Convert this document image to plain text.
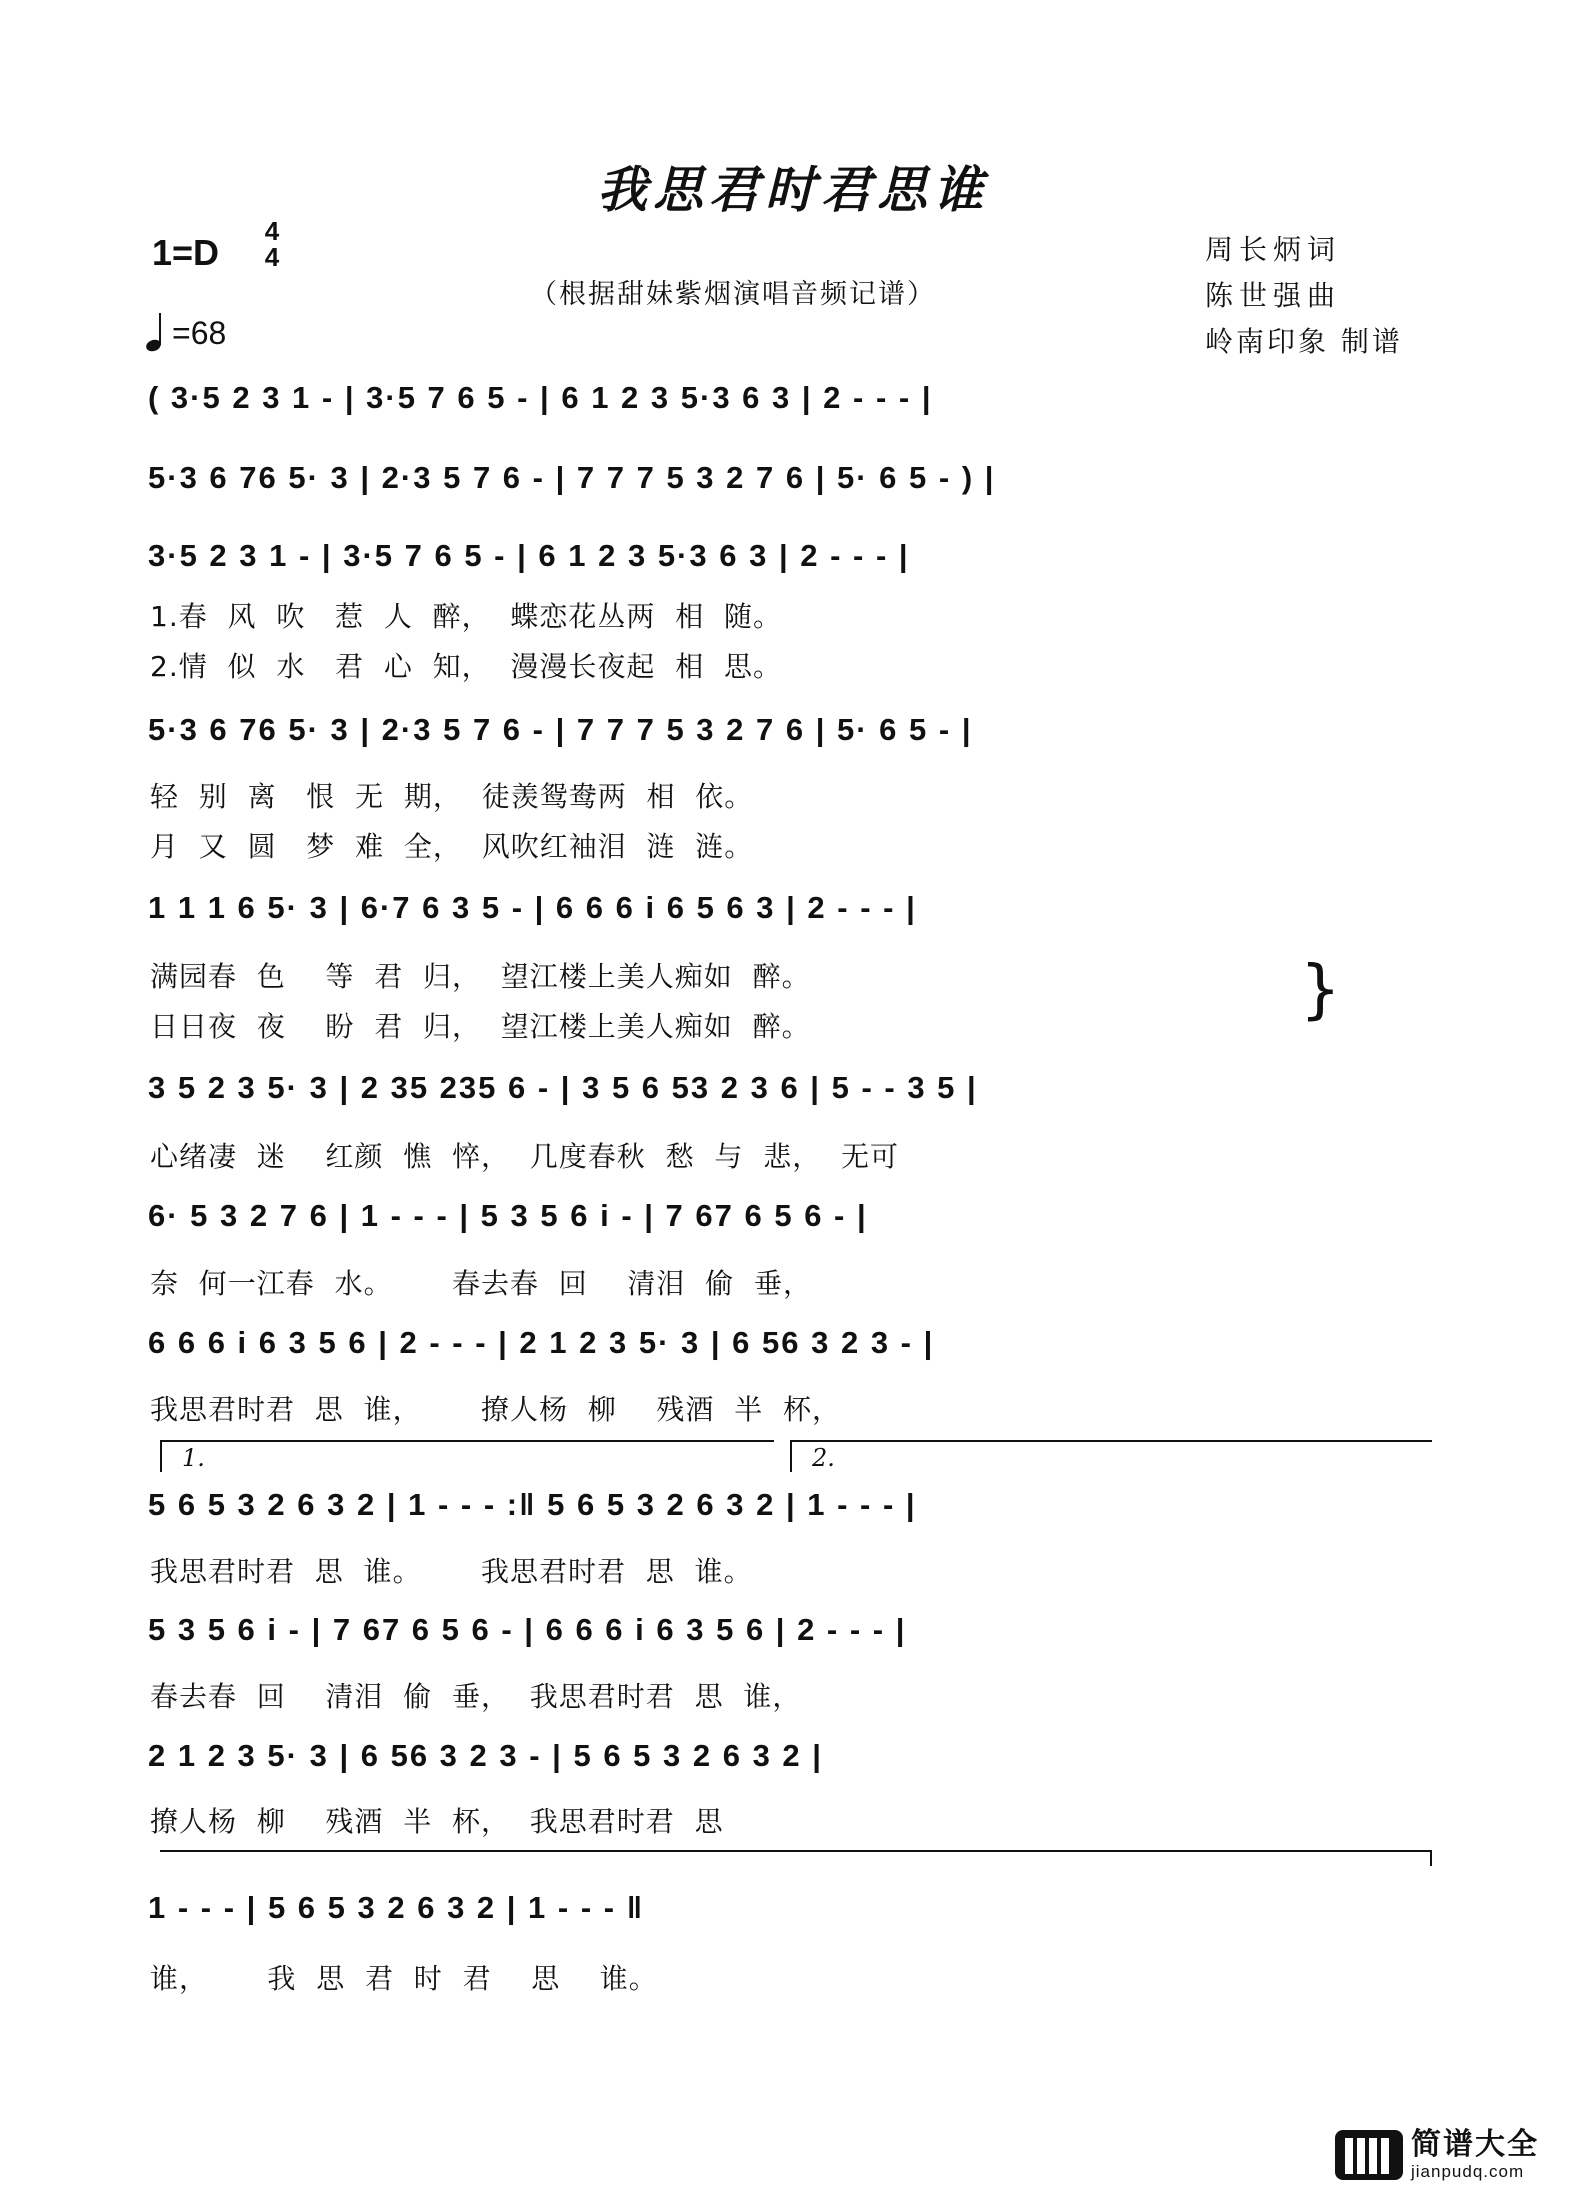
我思君时君思谁
1=D
4
4
=68
（根据甜妹紫烟演唱音频记谱）
周长炳词
陈世强曲
岭南印象 制谱
( 3·5 2 3 1 - | 3·5 7 6 5 - | 6 1 2 3 5·3 6 3 | 2 - - - |
5·3 6 76 5· 3 | 2·3 5 7 6 - | 7 7 7 5 3 2 7 6 | 5· 6 5 - ) |
3·5 2 3 1 - | 3·5 7 6 5 - | 6 1 2 3 5·3 6 3 | 2 - - - |
1.春  风  吹   惹  人  醉，  蝶恋花丛两  相  随。
2.情  似  水   君  心  知，  漫漫长夜起  相  思。
5·3 6 76 5· 3 | 2·3 5 7 6 - | 7 7 7 5 3 2 7 6 | 5· 6 5 - |
轻  别  离   恨  无  期，  徒羡鸳鸯两  相  依。
月  又  圆   梦  难  全，  风吹红袖泪  涟  涟。
1 1 1 6 5· 3 | 6·7 6 3 5 - | 6 6 6 i 6 5 6 3 | 2 - - - |
满园春  色    等  君  归，  望江楼上美人痴如  醉。
日日夜  夜    盼  君  归，  望江楼上美人痴如  醉。	}
3 5 2 3 5· 3 | 2 35 235 6 - | 3 5 6 53 2 3 6 | 5 - - 3 5 |
心绪凄  迷    红颜  憔  悴，  几度春秋  愁  与  悲，  无可
6· 5 3 2 7 6 | 1 - - - | 5 3 5 6 i - | 7 67 6 5 6 - |
奈  何一江春  水。      春去春  回    清泪  偷  垂，
6 6 6 i 6 3 5 6 | 2 - - - | 2 1 2 3 5· 3 | 6 56 3 2 3 - |
我思君时君  思  谁，      撩人杨  柳    残酒  半  杯，
1.	2.
5 6 5 3 2 6 3 2 | 1 - - - :‖ 5 6 5 3 2 6 3 2 | 1 - - - |
我思君时君  思  谁。      我思君时君  思  谁。
5 3 5 6 i - | 7 67 6 5 6 - | 6 6 6 i 6 3 5 6 | 2 - - - |
春去春  回    清泪  偷  垂，  我思君时君  思  谁，
2 1 2 3 5· 3 | 6 56 3 2 3 - | 5 6 5 3 2 6 3 2 |
撩人杨  柳    残酒  半  杯，  我思君时君  思
1 - - - | 5 6 5 3 2 6 3 2 | 1 - - - ‖
谁，      我  思  君  时  君    思    谁。
简谱大全
jianpudq.com
